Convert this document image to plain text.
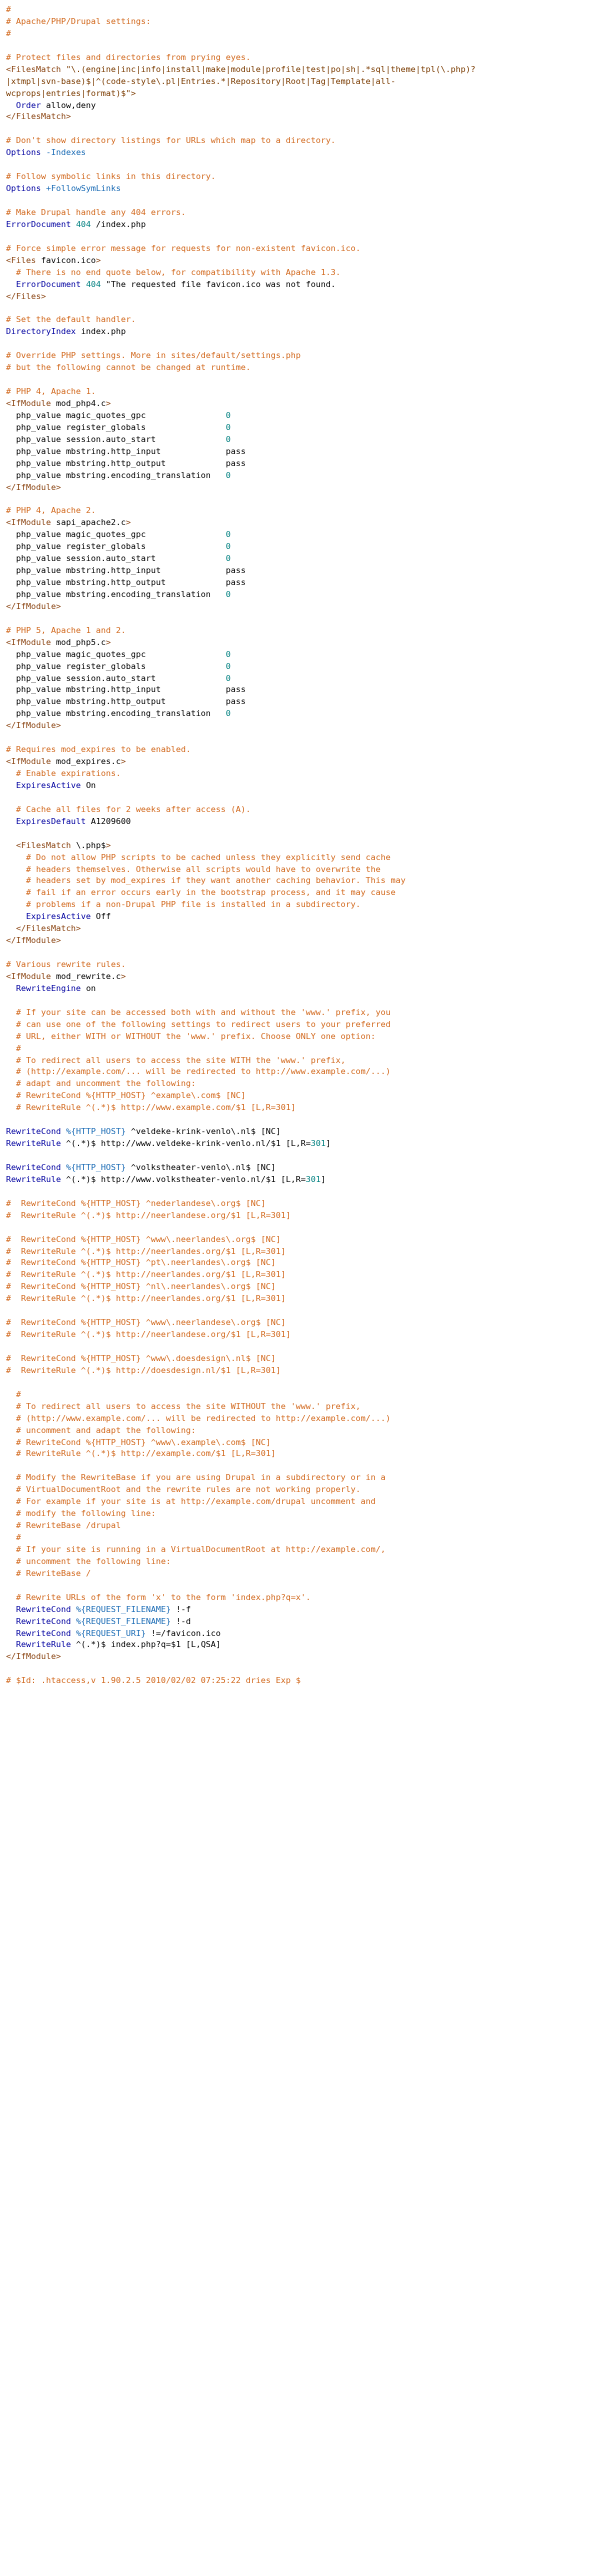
#
# Apache/PHP/Drupal settings:
#

# Protect files and directories from prying eyes.
<FilesMatch "\.(engine|inc|info|install|make|module|profile|test|po|sh|.*sql|theme|tpl(\.php)?
|xtmpl|svn-base)$|^(code-style\.pl|Entries.*|Repository|Root|Tag|Template|all-
wcprops|entries|format)$">
Order allow,deny
</FilesMatch>

# Don't show directory listings for URLs which map to a directory.
Options -Indexes

# Follow symbolic links in this directory.
Options +FollowSymLinks

# Make Drupal handle any 404 errors.
ErrorDocument 404 /index.php

# Force simple error message for requests for non-existent favicon.ico.
<Files favicon.ico>
# There is no end quote below, for compatibility with Apache 1.3.
ErrorDocument 404 "The requested file favicon.ico was not found.
</Files>

# Set the default handler.
DirectoryIndex index.php

# Override PHP settings. More in sites/default/settings.php
# but the following cannot be changed at runtime.

# PHP 4, Apache 1.
<IfModule mod_php4.c>
php_value magic_quotes_gpc                0
php_value register_globals                0
php_value session.auto_start              0
php_value mbstring.http_input             pass
php_value mbstring.http_output            pass
php_value mbstring.encoding_translation   0
</IfModule>

# PHP 4, Apache 2.
<IfModule sapi_apache2.c>
php_value magic_quotes_gpc                0
php_value register_globals                0
php_value session.auto_start              0
php_value mbstring.http_input             pass
php_value mbstring.http_output            pass
php_value mbstring.encoding_translation   0
</IfModule>

# PHP 5, Apache 1 and 2.
<IfModule mod_php5.c>
php_value magic_quotes_gpc                0
php_value register_globals                0
php_value session.auto_start              0
php_value mbstring.http_input             pass
php_value mbstring.http_output            pass
php_value mbstring.encoding_translation   0
</IfModule>

# Requires mod_expires to be enabled.
<IfModule mod_expires.c>
# Enable expirations.
ExpiresActive On

# Cache all files for 2 weeks after access (A).
ExpiresDefault A1209600

<FilesMatch \.php$>
# Do not allow PHP scripts to be cached unless they explicitly send cache
# headers themselves. Otherwise all scripts would have to overwrite the
# headers set by mod_expires if they want another caching behavior. This may
# fail if an error occurs early in the bootstrap process, and it may cause
# problems if a non-Drupal PHP file is installed in a subdirectory.
ExpiresActive Off
</FilesMatch>
</IfModule>

# Various rewrite rules.
<IfModule mod_rewrite.c>
RewriteEngine on

# If your site can be accessed both with and without the 'www.' prefix, you
# can use one of the following settings to redirect users to your preferred
# URL, either WITH or WITHOUT the 'www.' prefix. Choose ONLY one option:
#
# To redirect all users to access the site WITH the 'www.' prefix,
# (http://example.com/... will be redirected to http://www.example.com/...)
# adapt and uncomment the following:
# RewriteCond %{HTTP_HOST} ^example\.com$ [NC]
# RewriteRule ^(.*)$ http://www.example.com/$1 [L,R=301]

RewriteCond %{HTTP_HOST} ^veldeke-krink-venlo\.nl$ [NC]
RewriteRule ^(.*)$ http://www.veldeke-krink-venlo.nl/$1 [L,R=301]

RewriteCond %{HTTP_HOST} ^volkstheater-venlo\.nl$ [NC]
RewriteRule ^(.*)$ http://www.volkstheater-venlo.nl/$1 [L,R=301]

#  RewriteCond %{HTTP_HOST} ^nederlandese\.org$ [NC]
#  RewriteRule ^(.*)$ http://neerlandese.org/$1 [L,R=301]

#  RewriteCond %{HTTP_HOST} ^www\.neerlandes\.org$ [NC]
#  RewriteRule ^(.*)$ http://neerlandes.org/$1 [L,R=301]
#  RewriteCond %{HTTP_HOST} ^pt\.neerlandes\.org$ [NC]
#  RewriteRule ^(.*)$ http://neerlandes.org/$1 [L,R=301]
#  RewriteCond %{HTTP_HOST} ^nl\.neerlandes\.org$ [NC]
#  RewriteRule ^(.*)$ http://neerlandes.org/$1 [L,R=301]

#  RewriteCond %{HTTP_HOST} ^www\.neerlandese\.org$ [NC]
#  RewriteRule ^(.*)$ http://neerlandese.org/$1 [L,R=301]

#  RewriteCond %{HTTP_HOST} ^www\.doesdesign\.nl$ [NC]
#  RewriteRule ^(.*)$ http://doesdesign.nl/$1 [L,R=301]

#
# To redirect all users to access the site WITHOUT the 'www.' prefix,
# (http://www.example.com/... will be redirected to http://example.com/...)
# uncomment and adapt the following:
# RewriteCond %{HTTP_HOST} ^www\.example\.com$ [NC]
# RewriteRule ^(.*)$ http://example.com/$1 [L,R=301]

# Modify the RewriteBase if you are using Drupal in a subdirectory or in a
# VirtualDocumentRoot and the rewrite rules are not working properly.
# For example if your site is at http://example.com/drupal uncomment and
# modify the following line:
# RewriteBase /drupal
#
# If your site is running in a VirtualDocumentRoot at http://example.com/,
# uncomment the following line:
# RewriteBase /

# Rewrite URLs of the form 'x' to the form 'index.php?q=x'.
RewriteCond %{REQUEST_FILENAME} !-f
RewriteCond %{REQUEST_FILENAME} !-d
RewriteCond %{REQUEST_URI} !=/favicon.ico
RewriteRule ^(.*)$ index.php?q=$1 [L,QSA]
</IfModule>

# $Id: .htaccess,v 1.90.2.5 2010/02/02 07:25:22 dries Exp $
